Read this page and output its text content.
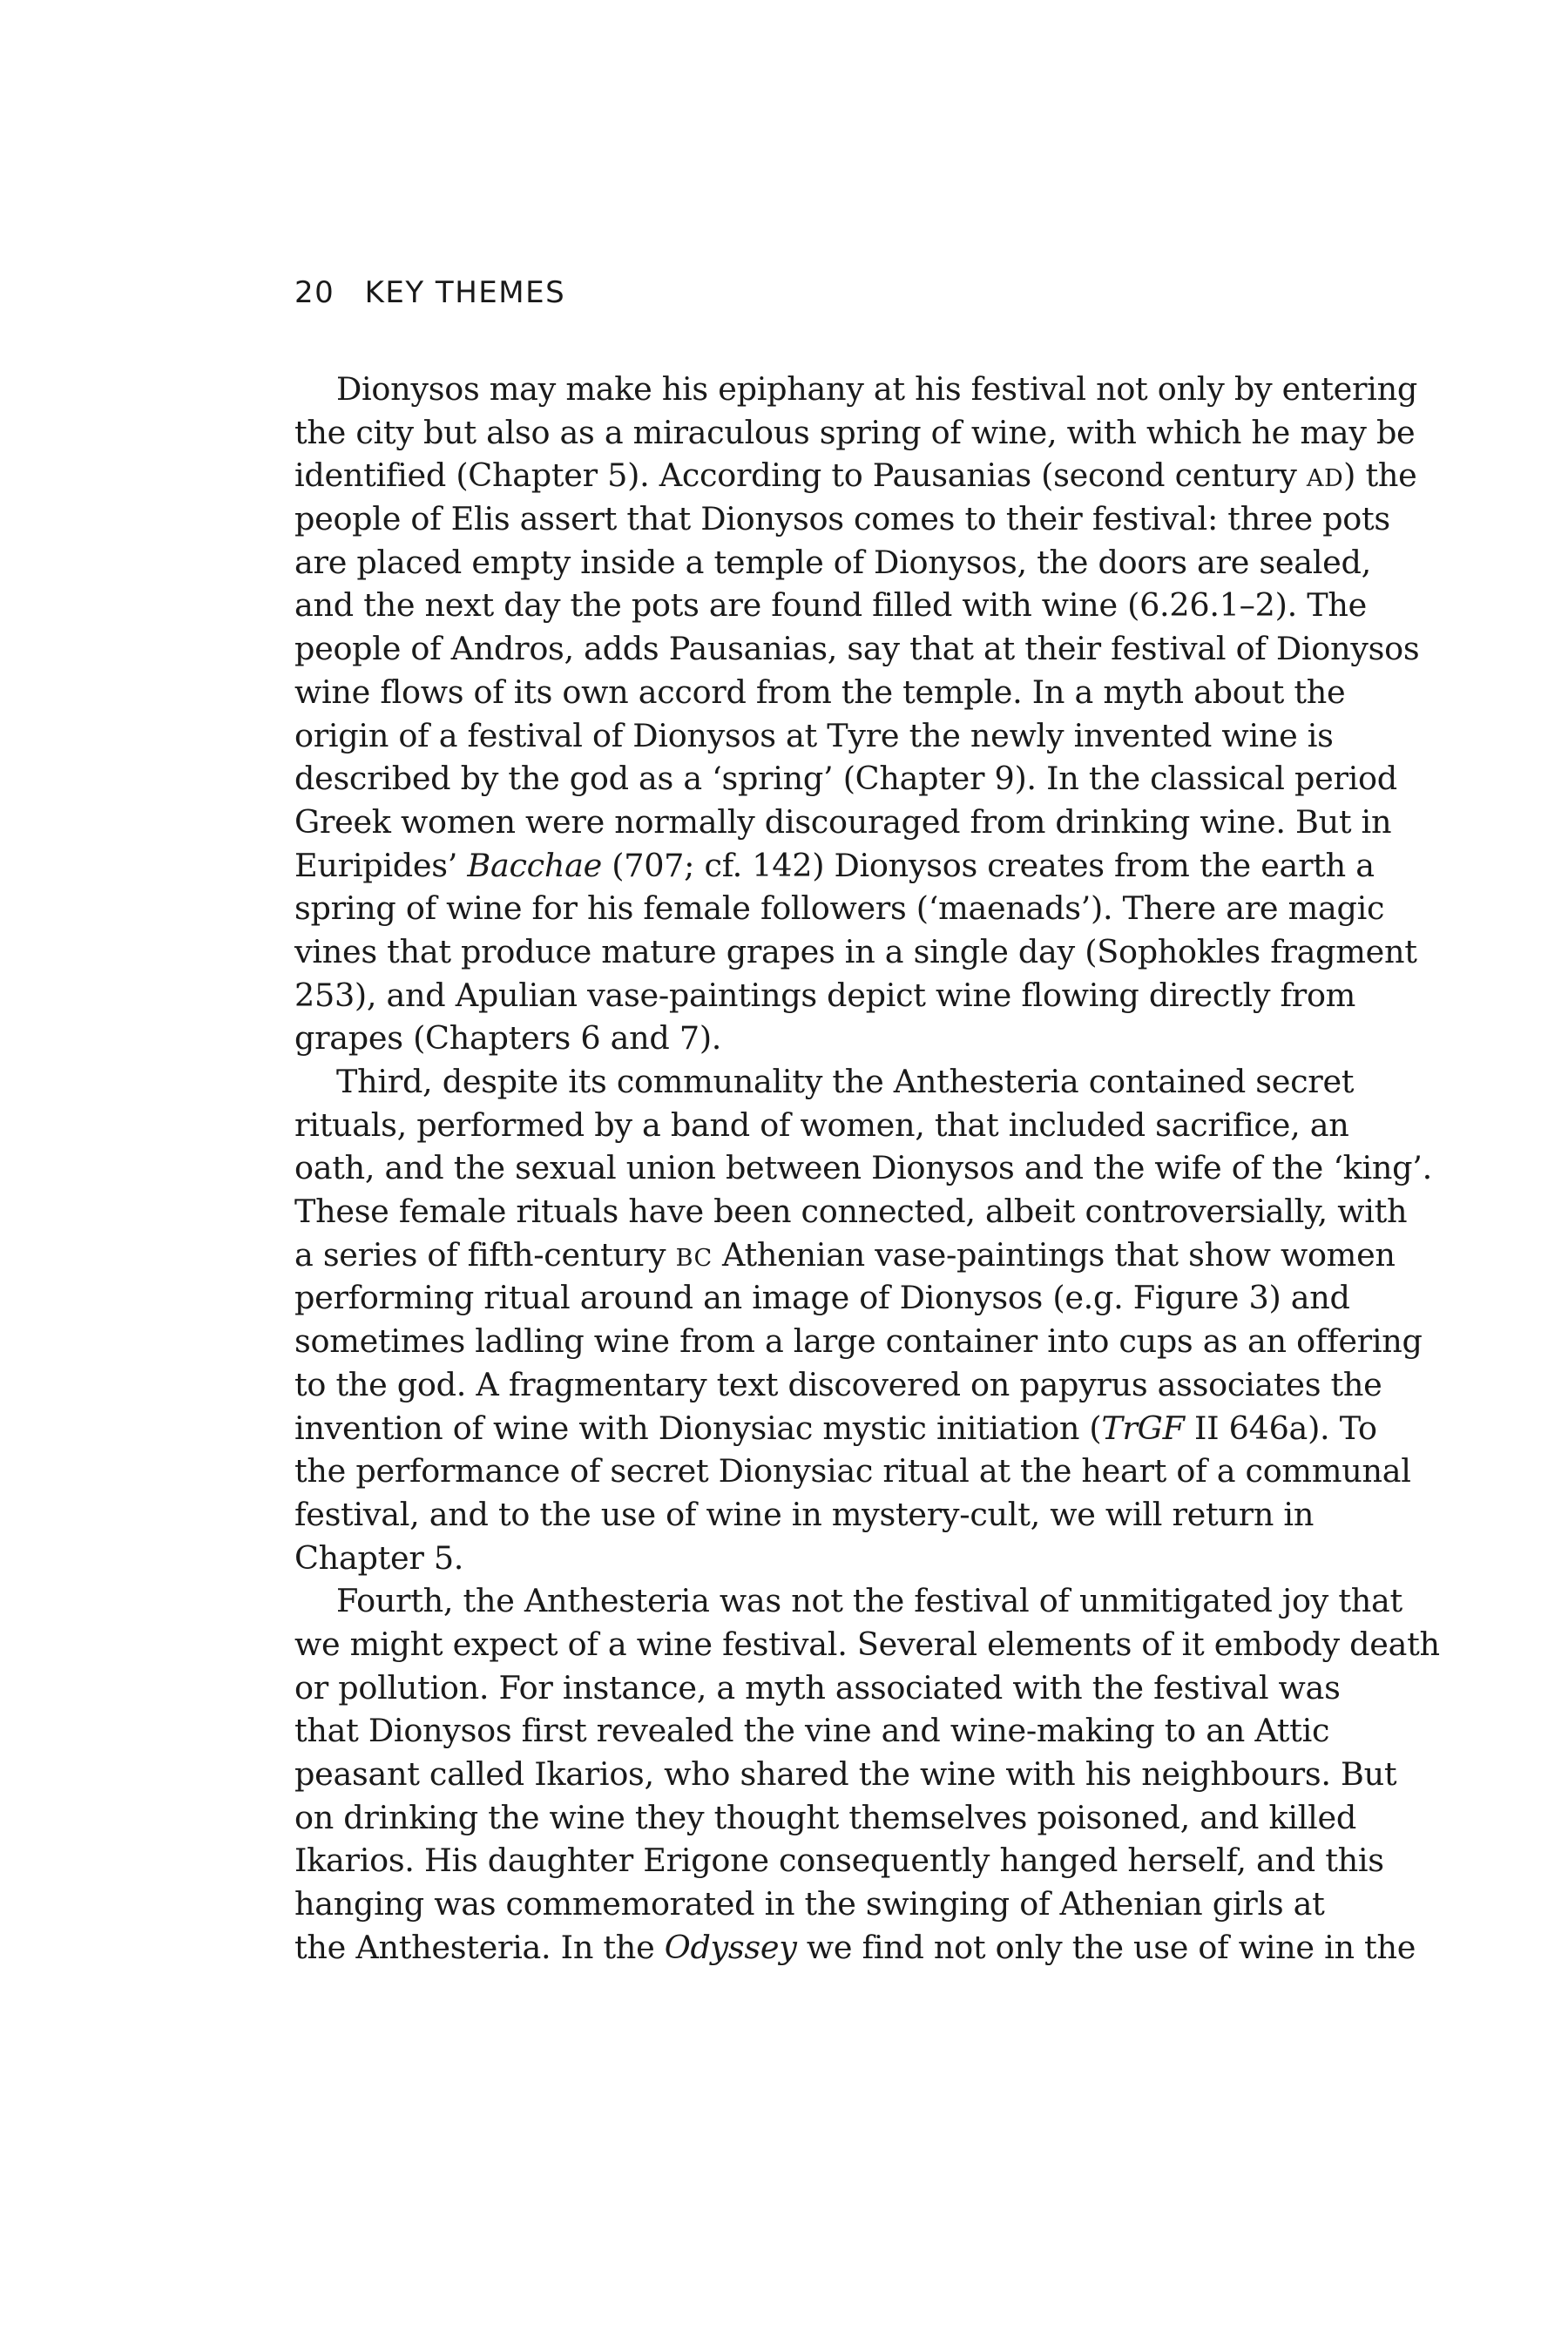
20 KEY THEMES
Dionysos may make his epiphany at his festival not only by entering
the city but also as a miraculous spring of wine, with which he may be
identified (Chapter 5). According to Pausanias (second century AD) the
people of Elis assert that Dionysos comes to their festival: three pots
are placed empty inside a temple of Dionysos, the doors are sealed,
and the next day the pots are found filled with wine (6.26.1–2). The
people of Andros, adds Pausanias, say that at their festival of Dionysos
wine flows of its own accord from the temple. In a myth about the
origin of a festival of Dionysos at Tyre the newly invented wine is
described by the god as a ‘spring’ (Chapter 9). In the classical period
Greek women were normally discouraged from drinking wine. But in
Euripides’ Bacchae (707; cf. 142) Dionysos creates from the earth a
spring of wine for his female followers (‘maenads’). There are magic
vines that produce mature grapes in a single day (Sophokles fragment
253), and Apulian vase-paintings depict wine flowing directly from
grapes (Chapters 6 and 7).
Third, despite its communality the Anthesteria contained secret
rituals, performed by a band of women, that included sacrifice, an
oath, and the sexual union between Dionysos and the wife of the ‘king’.
These female rituals have been connected, albeit controversially, with
a series of fifth-century BC Athenian vase-paintings that show women
performing ritual around an image of Dionysos (e.g. Figure 3) and
sometimes ladling wine from a large container into cups as an offering
to the god. A fragmentary text discovered on papyrus associates the
invention of wine with Dionysiac mystic initiation (TrGF II 646a). To
the performance of secret Dionysiac ritual at the heart of a communal
festival, and to the use of wine in mystery-cult, we will return in
Chapter 5.
Fourth, the Anthesteria was not the festival of unmitigated joy that
we might expect of a wine festival. Several elements of it embody death
or pollution. For instance, a myth associated with the festival was
that Dionysos first revealed the vine and wine-making to an Attic
peasant called Ikarios, who shared the wine with his neighbours. But
on drinking the wine they thought themselves poisoned, and killed
Ikarios. His daughter Erigone consequently hanged herself, and this
hanging was commemorated in the swinging of Athenian girls at
the Anthesteria. In the Odyssey we find not only the use of wine in the
